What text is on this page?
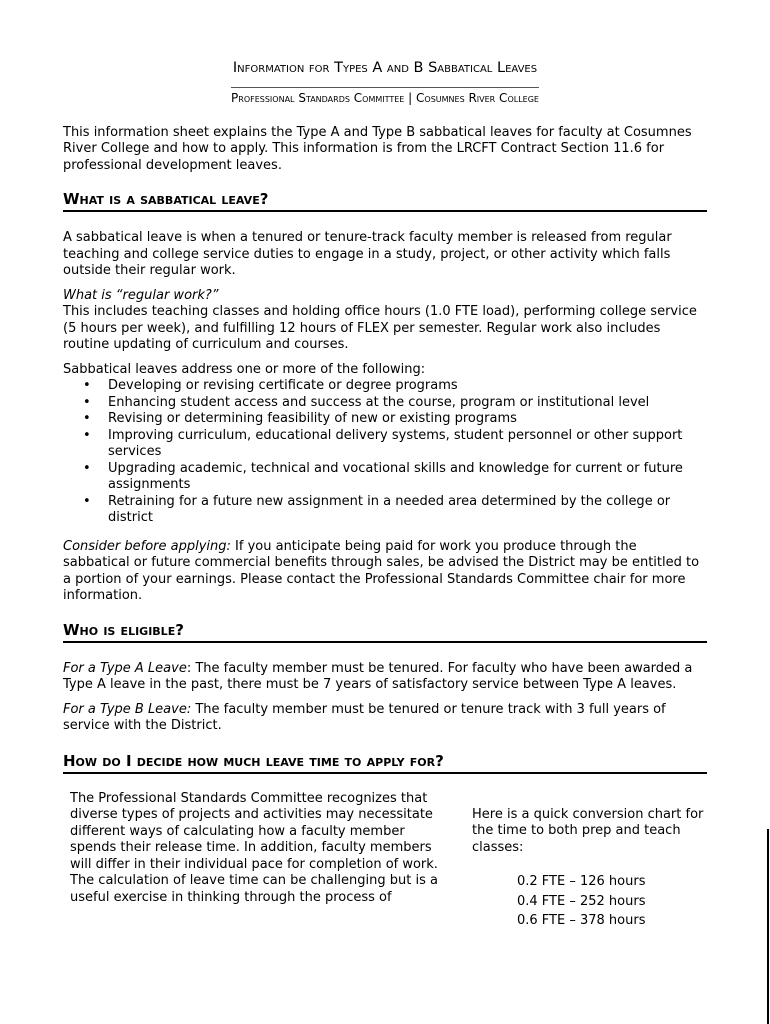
Information for Types A and B Sabbatical Leaves
Professional Standards Committee | Cosumnes River College

This information sheet explains the Type A and Type B sabbatical leaves for faculty at Cosumnes River College and how to apply. This information is from the LRCFT Contract Section 11.6 for professional development leaves.

What is a sabbatical leave?

A sabbatical leave is when a tenured or tenure-track faculty member is released from regular teaching and college service duties to engage in a study, project, or other activity which falls outside their regular work.

What is “regular work?”
This includes teaching classes and holding office hours (1.0 FTE load), performing college service (5 hours per week), and fulfilling 12 hours of FLEX per semester. Regular work also includes routine updating of curriculum and courses.

Sabbatical leaves address one or more of the following:

• Developing or revising certificate or degree programs
• Enhancing student access and success at the course, program or institutional level
• Revising or determining feasibility of new or existing programs
• Improving curriculum, educational delivery systems, student personnel or other support services
• Upgrading academic, technical and vocational skills and knowledge for current or future assignments
• Retraining for a future new assignment in a needed area determined by the college or district

Consider before applying: If you anticipate being paid for work you produce through the sabbatical or future commercial benefits through sales, be advised the District may be entitled to a portion of your earnings. Please contact the Professional Standards Committee chair for more information.

Who is eligible?

For a Type A Leave: The faculty member must be tenured. For faculty who have been awarded a Type A leave in the past, there must be 7 years of satisfactory service between Type A leaves.

For a Type B Leave: The faculty member must be tenured or tenure track with 3 full years of service with the District.

How do I decide how much leave time to apply for?
The Professional Standards Committee recognizes that diverse types of projects and activities may necessitate different ways of calculating how a faculty member spends their release time. In addition, faculty members will differ in their individual pace for completion of work. The calculation of leave time can be challenging but is a useful exercise in thinking through the process of
Here is a quick conversion chart for the time to both prep and teach classes:
0.2 FTE – 126 hours
0.4 FTE – 252 hours
0.6 FTE – 378 hours
